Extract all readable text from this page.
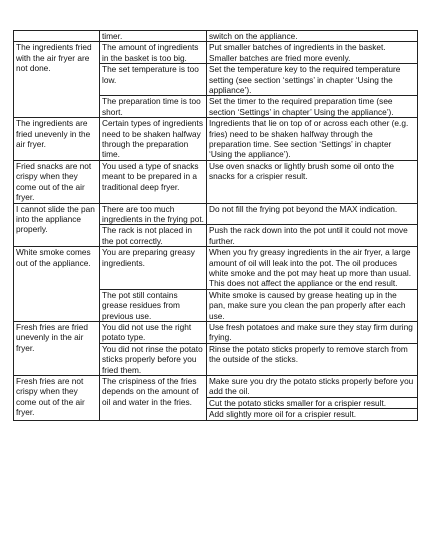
	timer.	switch on the appliance.
The ingredients fried with the air fryer are not done.	The amount of ingredients in the basket is too big.	Put smaller batches of ingredients in the basket. Smaller batches are fried more evenly.
	The set temperature is too low.	Set the temperature key to the required temperature setting (see section ‘settings’ in chapter ‘Using the appliance’).
	The preparation time is too short.	Set the timer to the required preparation time (see section ‘Settings’ in chapter’ Using the appliance’).
The ingredients are fried unevenly in the air fryer.	Certain types of ingredients need to be shaken halfway through the preparation time.	Ingredients that lie on top of or across each other (e.g. fries) need to be shaken halfway through the preparation time. See section ‘Settings’ in chapter ‘Using the appliance’).
Fried snacks are not crispy when they come out of the air fryer.	You used a type of snacks meant to be prepared in a traditional deep fryer.	Use oven snacks or lightly brush some oil onto the snacks for a crispier result.
I cannot slide the pan into the appliance properly.	There are too much ingredients in the frying pot.	Do not fill the frying pot beyond the MAX indication.
	The rack is not placed in the pot correctly.	Push the rack down into the pot until it could not move further.
White smoke comes out of the appliance.	You are preparing greasy ingredients.	When you fry greasy ingredients in the air fryer, a large amount of oil will leak into the pot. The oil produces white smoke and the pot may heat up more than usual. This does not affect the appliance or the end result.
	The pot still contains grease residues from previous use.	White smoke is caused by grease heating up in the pan, make sure you clean the pan properly after each use.
Fresh fries are fried unevenly in the air fryer.	You did not use the right potato type.	Use fresh potatoes and make sure they stay firm during frying.
	You did not rinse the potato sticks properly before you fried them.	Rinse the potato sticks properly to remove starch from the outside of the sticks.
Fresh fries are not crispy when they come out of the air fryer.	The crispiness of the fries depends on the amount of oil and water in the fries.	Make sure you dry the potato sticks properly before you add the oil.
		Cut the potato sticks smaller for a crispier result.
		Add slightly more oil for a crispier result.
